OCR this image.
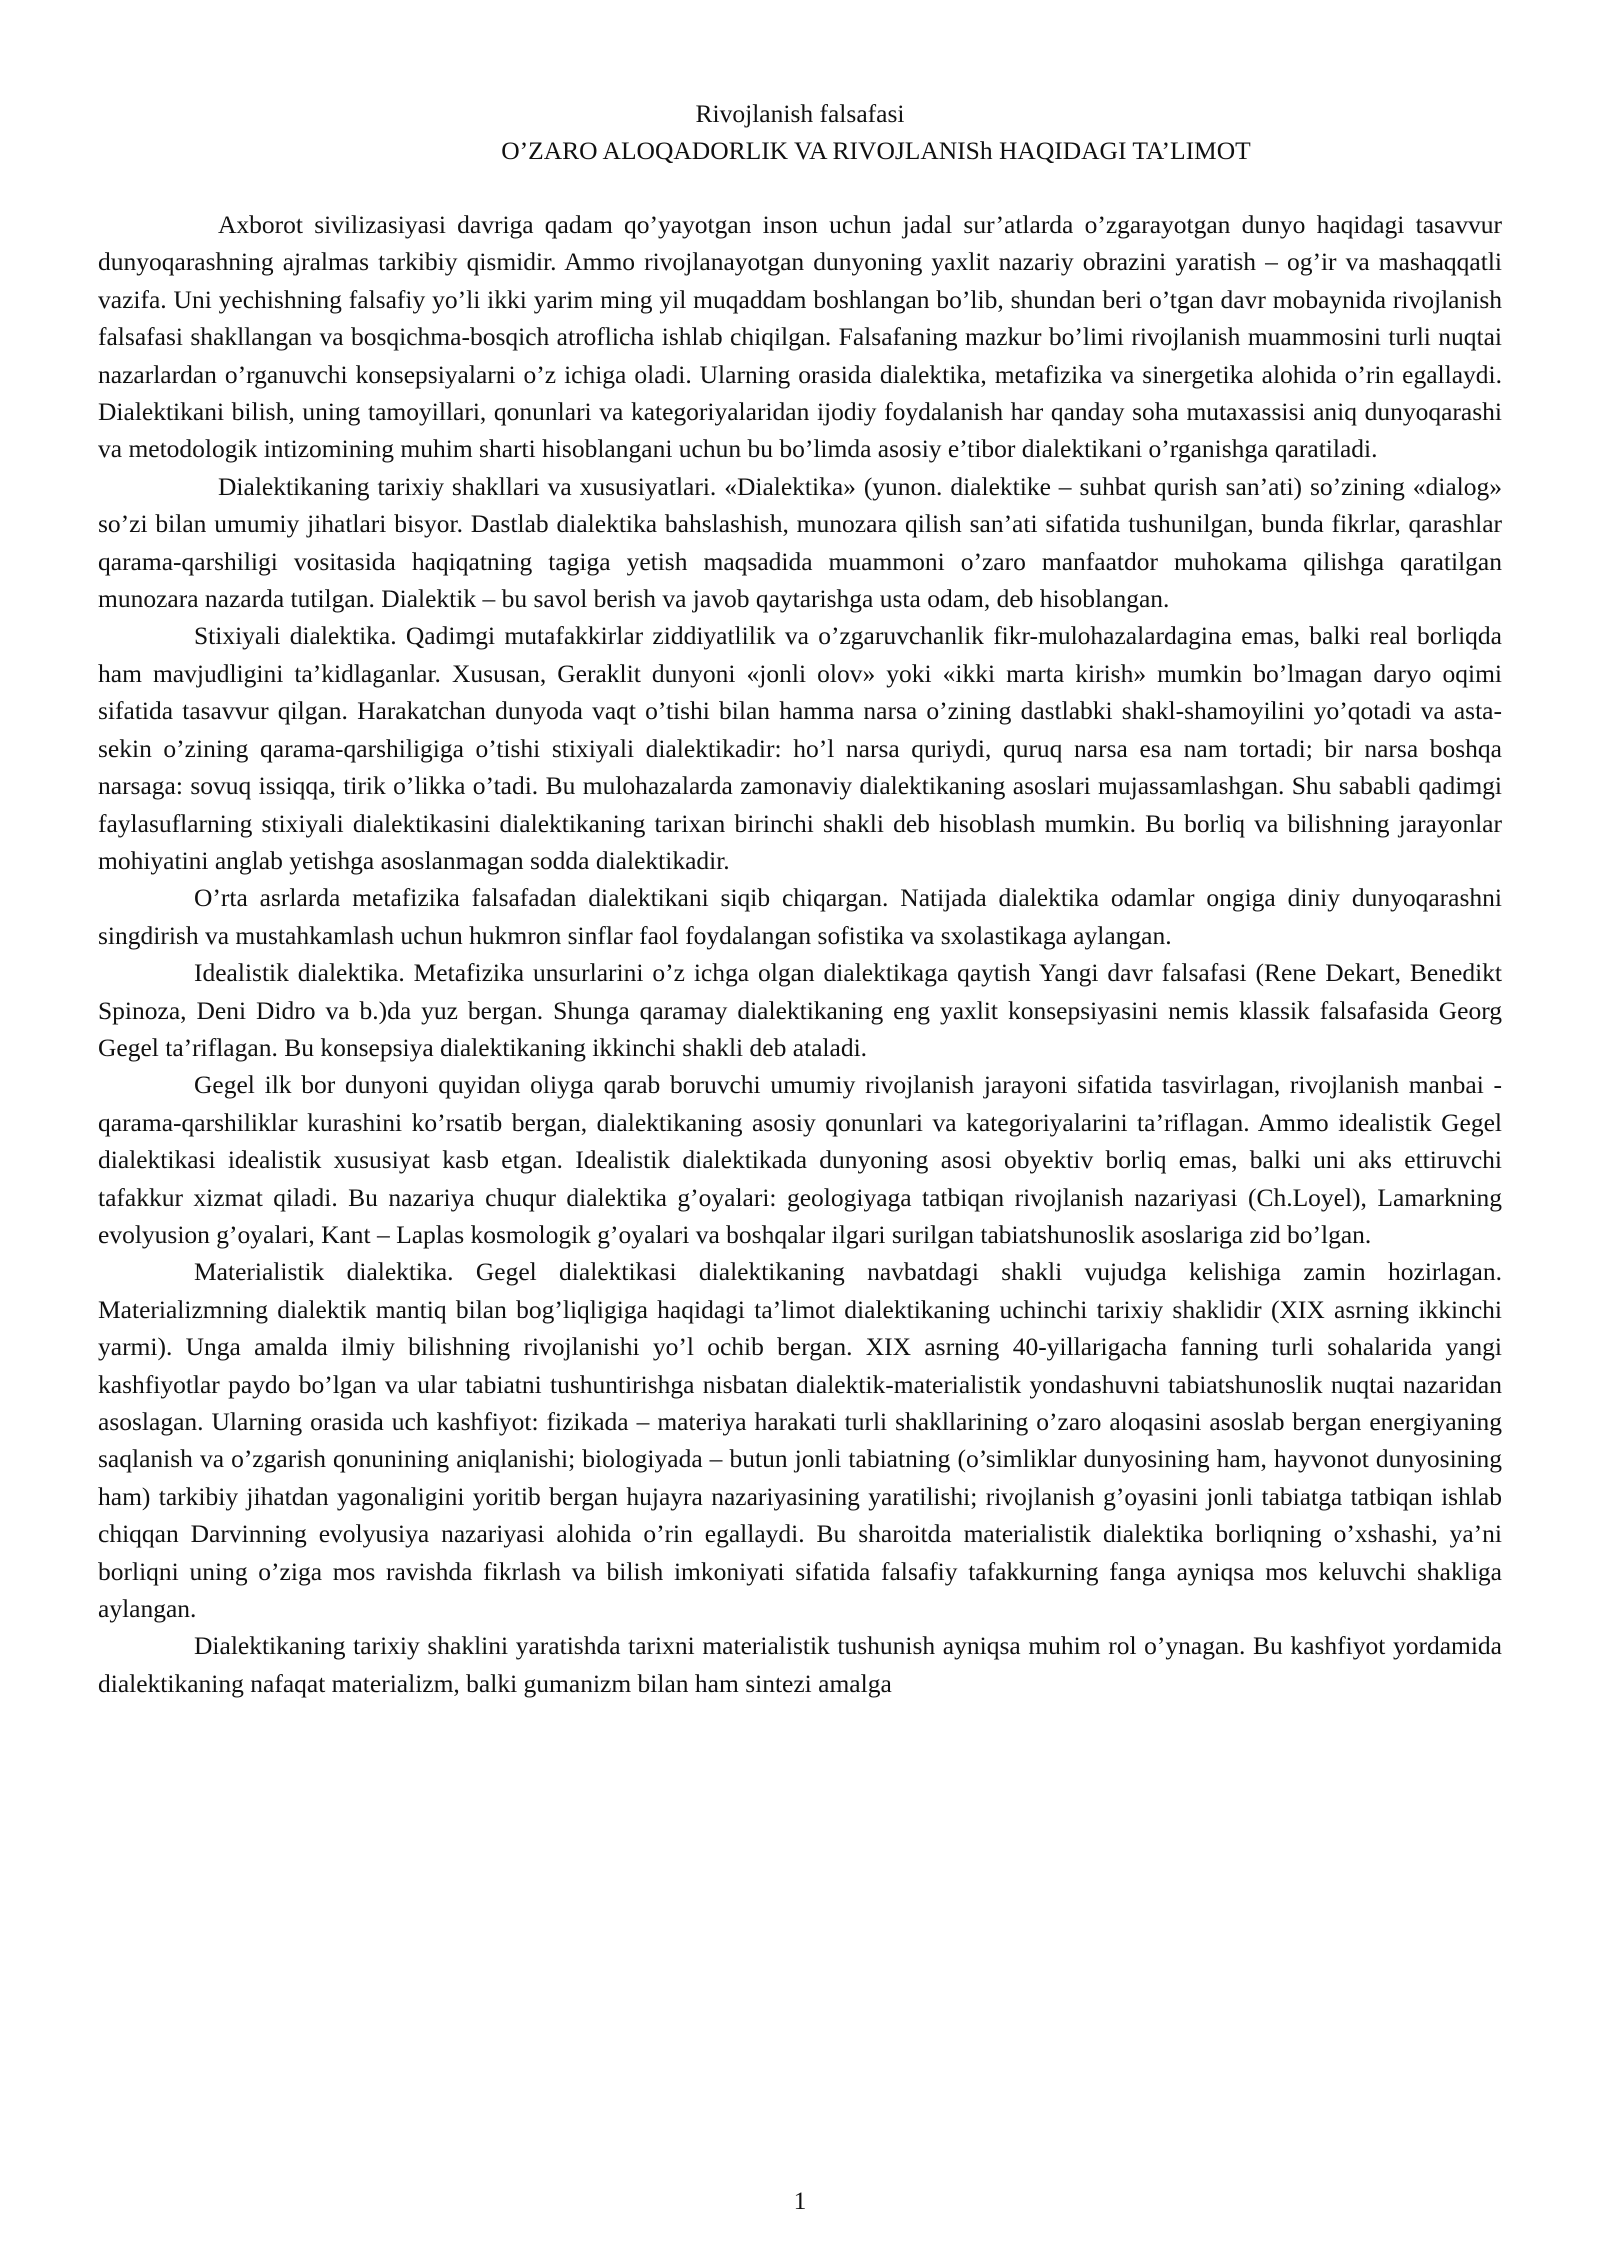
Rivojlanish falsafasi
O’ZARO ALOQADORLIK VA RIVOJLANISh HAQIDAGI TA’LIMOT

Axborot sivilizasiyasi davriga qadam qo’yayotgan inson uchun jadal sur’atlarda o’zgarayotgan dunyo haqidagi tasavvur dunyoqarashning ajralmas tarkibiy qismidir. Ammo rivojlanayotgan dunyoning yaxlit nazariy obrazini yaratish – og’ir va mashaqqatli vazifa. Uni yechishning falsafiy yo’li ikki yarim ming yil muqaddam boshlangan bo’lib, shundan beri o’tgan davr mobaynida rivojlanish falsafasi shakllangan va bosqichma-bosqich atroflicha ishlab chiqilgan. Falsafaning mazkur bo’limi rivojlanish muammosini turli nuqtai nazarlardan o’rganuvchi konsepsiyalarni o’z ichiga oladi. Ularning orasida dialektika, metafizika va sinergetika alohida o’rin egallaydi. Dialektikani bilish, uning tamoyillari, qonunlari va kategoriyalaridan ijodiy foydalanish har qanday soha mutaxassisi aniq dunyoqarashi va metodologik intizomining muhim sharti hisoblangani uchun bu bo’limda asosiy e’tibor dialektikani o’rganishga qaratiladi.

Dialektikaning tarixiy shakllari va xususiyatlari. «Dialektika» (yunon. dialektike – suhbat qurish san’ati) so’zining «dialog» so’zi bilan umumiy jihatlari bisyor. Dastlab dialektika bahslashish, munozara qilish san’ati sifatida tushunilgan, bunda fikrlar, qarashlar qarama-qarshiligi vositasida haqiqatning tagiga yetish maqsadida muammoni o’zaro manfaatdor muhokama qilishga qaratilgan munozara nazarda tutilgan. Dialektik – bu savol berish va javob qaytarishga usta odam, deb hisoblangan.

Stixiyali dialektika. Qadimgi mutafakkirlar ziddiyatlilik va o’zgaruvchanlik fikr-mulohazalardagina emas, balki real borliqda ham mavjudligini ta’kidlaganlar. Xususan, Geraklit dunyoni «jonli olov» yoki «ikki marta kirish» mumkin bo’lmagan daryo oqimi sifatida tasavvur qilgan. Harakatchan dunyoda vaqt o’tishi bilan hamma narsa o’zining dastlabki shakl-shamoyilini yo’qotadi va asta-sekin o’zining qarama-qarshiligiga o’tishi stixiyali dialektikadir: ho’l narsa quriydi, quruq narsa esa nam tortadi; bir narsa boshqa narsaga: sovuq issiqqa, tirik o’likka o’tadi. Bu mulohazalarda zamonaviy dialektikaning asoslari mujassamlashgan. Shu sababli qadimgi faylasuflarning stixiyali dialektikasini dialektikaning tarixan birinchi shakli deb hisoblash mumkin. Bu borliq va bilishning jarayonlar mohiyatini anglab yetishga asoslanmagan sodda dialektikadir.

O’rta asrlarda metafizika falsafadan dialektikani siqib chiqargan. Natijada dialektika odamlar ongiga diniy dunyoqarashni singdirish va mustahkamlash uchun hukmron sinflar faol foydalangan sofistika va sxolastikaga aylangan.

Idealistik dialektika. Metafizika unsurlarini o’z ichga olgan dialektikaga qaytish Yangi davr falsafasi (Rene Dekart, Benedikt Spinoza, Deni Didro va b.)da yuz bergan. Shunga qaramay dialektikaning eng yaxlit konsepsiyasini nemis klassik falsafasida Georg Gegel ta’riflagan. Bu konsepsiya dialektikaning ikkinchi shakli deb ataladi.

Gegel ilk bor dunyoni quyidan oliyga qarab boruvchi umumiy rivojlanish jarayoni sifatida tasvirlagan, rivojlanish manbai - qarama-qarshiliklar kurashini ko’rsatib bergan, dialektikaning asosiy qonunlari va kategoriyalarini ta’riflagan. Ammo idealistik Gegel dialektikasi idealistik xususiyat kasb etgan. Idealistik dialektikada dunyoning asosi obyektiv borliq emas, balki uni aks ettiruvchi tafakkur xizmat qiladi. Bu nazariya chuqur dialektika g’oyalari: geologiyaga tatbiqan rivojlanish nazariyasi (Ch.Loyel), Lamarkning evolyusion g’oyalari, Kant – Laplas kosmologik g’oyalari va boshqalar ilgari surilgan tabiatshunoslik asoslariga zid bo’lgan.

Materialistik dialektika. Gegel dialektikasi dialektikaning navbatdagi shakli vujudga kelishiga zamin hozirlagan. Materializmning dialektik mantiq bilan bog’liqligiga haqidagi ta’limot dialektikaning uchinchi tarixiy shaklidir (XIX asrning ikkinchi yarmi). Unga amalda ilmiy bilishning rivojlanishi yo’l ochib bergan. XIX asrning 40-yillarigacha fanning turli sohalarida yangi kashfiyotlar paydo bo’lgan va ular tabiatni tushuntirishga nisbatan dialektik-materialistik yondashuvni tabiatshunoslik nuqtai nazaridan asoslagan. Ularning orasida uch kashfiyot: fizikada – materiya harakati turli shakllarining o’zaro aloqasini asoslab bergan energiyaning saqlanish va o’zgarish qonunining aniqlanishi; biologiyada – butun jonli tabiatning (o’simliklar dunyosining ham, hayvonot dunyosining ham) tarkibiy jihatdan yagonaligini yoritib bergan hujayra nazariyasining yaratilishi; rivojlanish g’oyasini jonli tabiatga tatbiqan ishlab chiqqan Darvinning evolyusiya nazariyasi alohida o’rin egallaydi. Bu sharoitda materialistik dialektika borliqning o’xshashi, ya’ni borliqni uning o’ziga mos ravishda fikrlash va bilish imkoniyati sifatida falsafiy tafakkurning fanga ayniqsa mos keluvchi shakliga aylangan.

Dialektikaning tarixiy shaklini yaratishda tarixni materialistik tushunish ayniqsa muhim rol o’ynagan. Bu kashfiyot yordamida dialektikaning nafaqat materializm, balki gumanizm bilan ham sintezi amalga

1
